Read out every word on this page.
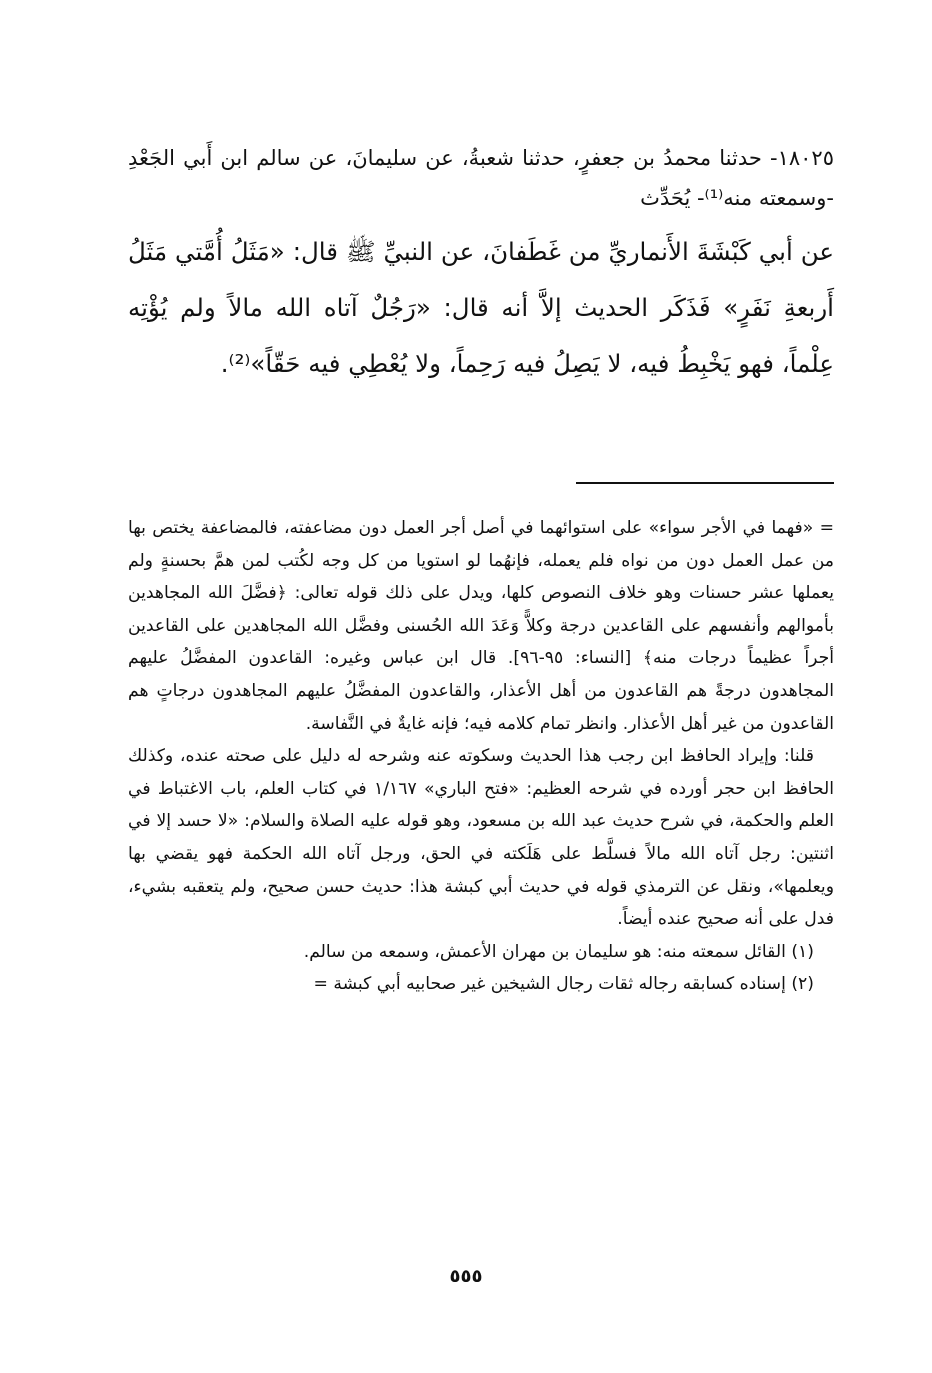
١٨٠٢٥- حدثنا محمدُ بن جعفرٍ، حدثنا شعبةُ، عن سليمانَ، عن سالم ابن أَبي الجَعْدِ -وسمعته منه⁽¹⁾- يُحَدِّث

عن أبي كَبْشَةَ الأَنماريِّ من غَطَفانَ، عن النبيِّ ﷺ قال: «مَثَلُ أُمَّتي مَثَلُ أَربعةِ نَفَرٍ» فَذَكَر الحديث إلاَّ أنه قال: «رَجُلٌ آتاه الله مالاً ولم يُؤْتِه عِلْماً، فهو يَخْبِطُ فيه، لا يَصِلُ فيه رَحِماً، ولا يُعْطِي فيه حَقّاً»⁽²⁾.

= «فهما في الأجر سواء» على استوائهما في أصل أجر العمل دون مضاعفته، فالمضاعفة يختص بها من عمل العمل دون من نواه فلم يعمله، فإنهُما لو استويا من كل وجه لكُتب لمن همَّ بحسنةٍ ولم يعملها عشر حسنات وهو خلاف النصوص كلها، ويدل على ذلك قوله تعالى: ﴿فضَّلَ الله المجاهدين بأموالهم وأنفسهم على القاعدين درجة وكلاًّ وَعَدَ الله الحُسنى وفضَّل الله المجاهدين على القاعدين أجراً عظيماً درجات منه﴾ [النساء: ٩٥-٩٦]. قال ابن عباس وغيره: القاعدون المفضَّلُ عليهم المجاهدون درجةً هم القاعدون من أهل الأعذار، والقاعدون المفضَّلُ عليهم المجاهدون درجاتٍ هم القاعدون من غير أهل الأعذار. وانظر تمام كلامه فيه؛ فإنه غايةٌ في النَّفاسة.

قلنا: وإيراد الحافظ ابن رجب هذا الحديث وسكوته عنه وشرحه له دليل على صحته عنده، وكذلك الحافظ ابن حجر أورده في شرحه العظيم: «فتح الباري» ١/١٦٧ في كتاب العلم، باب الاغتباط في العلم والحكمة، في شرح حديث عبد الله بن مسعود، وهو قوله عليه الصلاة والسلام: «لا حسد إلا في اثنتين: رجل آتاه الله مالاً فسلَّط على هَلَكته في الحق، ورجل آتاه الله الحكمة فهو يقضي بها ويعلمها»، ونقل عن الترمذي قوله في حديث أبي كبشة هذا: حديث حسن صحيح، ولم يتعقبه بشيء، فدل على أنه صحيح عنده أيضاً.

(١) القائل سمعته منه: هو سليمان بن مهران الأعمش، وسمعه من سالم.

(٢) إسناده كسابقه رجاله ثقات رجال الشيخين غير صحابيه أبي كبشة =

٥٥٥
